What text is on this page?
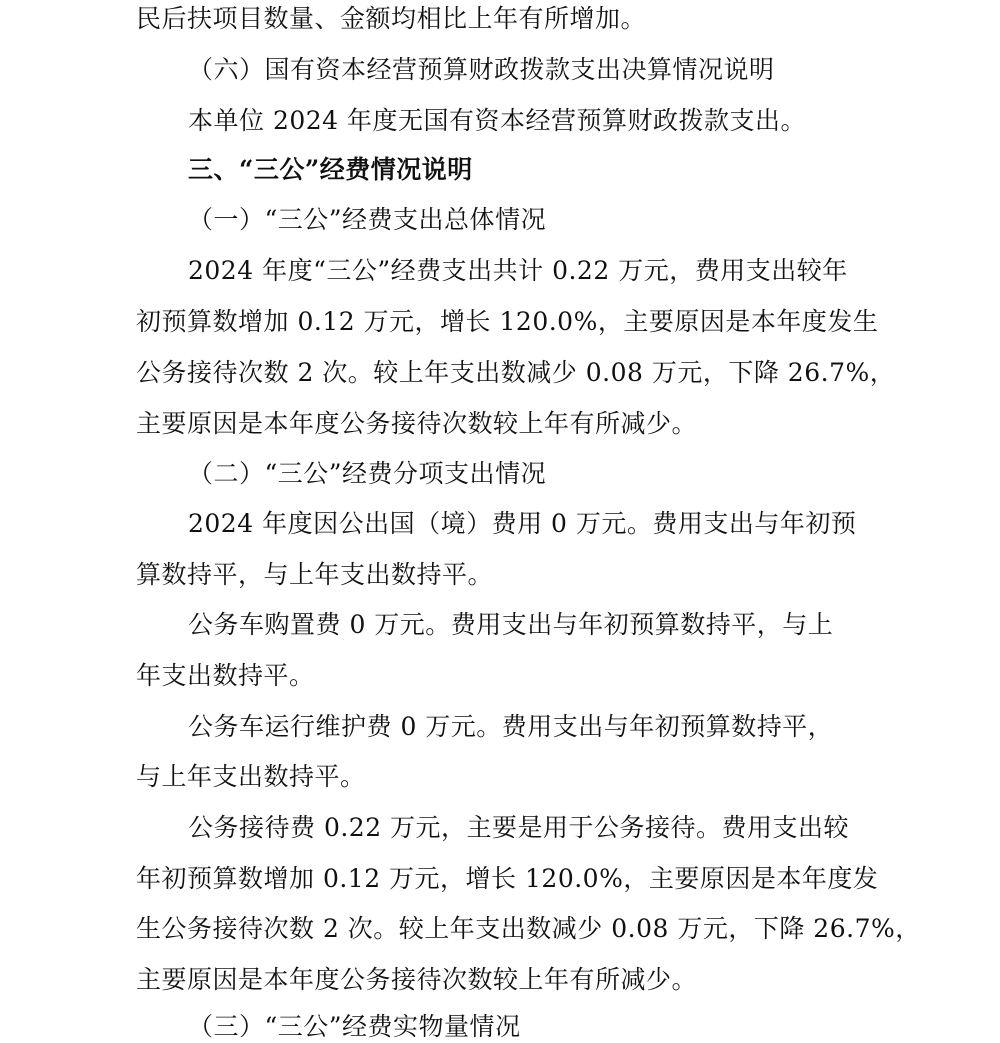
民后扶项目数量、金额均相比上年有所增加。
（六）国有资本经营预算财政拨款支出决算情况说明
本单位 2024 年度无国有资本经营预算财政拨款支出。
三、“三公”经费情况说明
（一）“三公”经费支出总体情况
2024 年度“三公”经费支出共计 0.22 万元，费用支出较年
初预算数增加 0.12 万元，增长 120.0%，主要原因是本年度发生
公务接待次数 2 次。较上年支出数减少 0.08 万元，下降 26.7%，
主要原因是本年度公务接待次数较上年有所减少。
（二）“三公”经费分项支出情况
2024 年度因公出国（境）费用 0 万元。费用支出与年初预
算数持平，与上年支出数持平。
公务车购置费 0 万元。费用支出与年初预算数持平，与上
年支出数持平。
公务车运行维护费 0 万元。费用支出与年初预算数持平，
与上年支出数持平。
公务接待费 0.22 万元，主要是用于公务接待。费用支出较
年初预算数增加 0.12 万元，增长 120.0%，主要原因是本年度发
生公务接待次数 2 次。较上年支出数减少 0.08 万元，下降 26.7%，
主要原因是本年度公务接待次数较上年有所减少。
（三）“三公”经费实物量情况
